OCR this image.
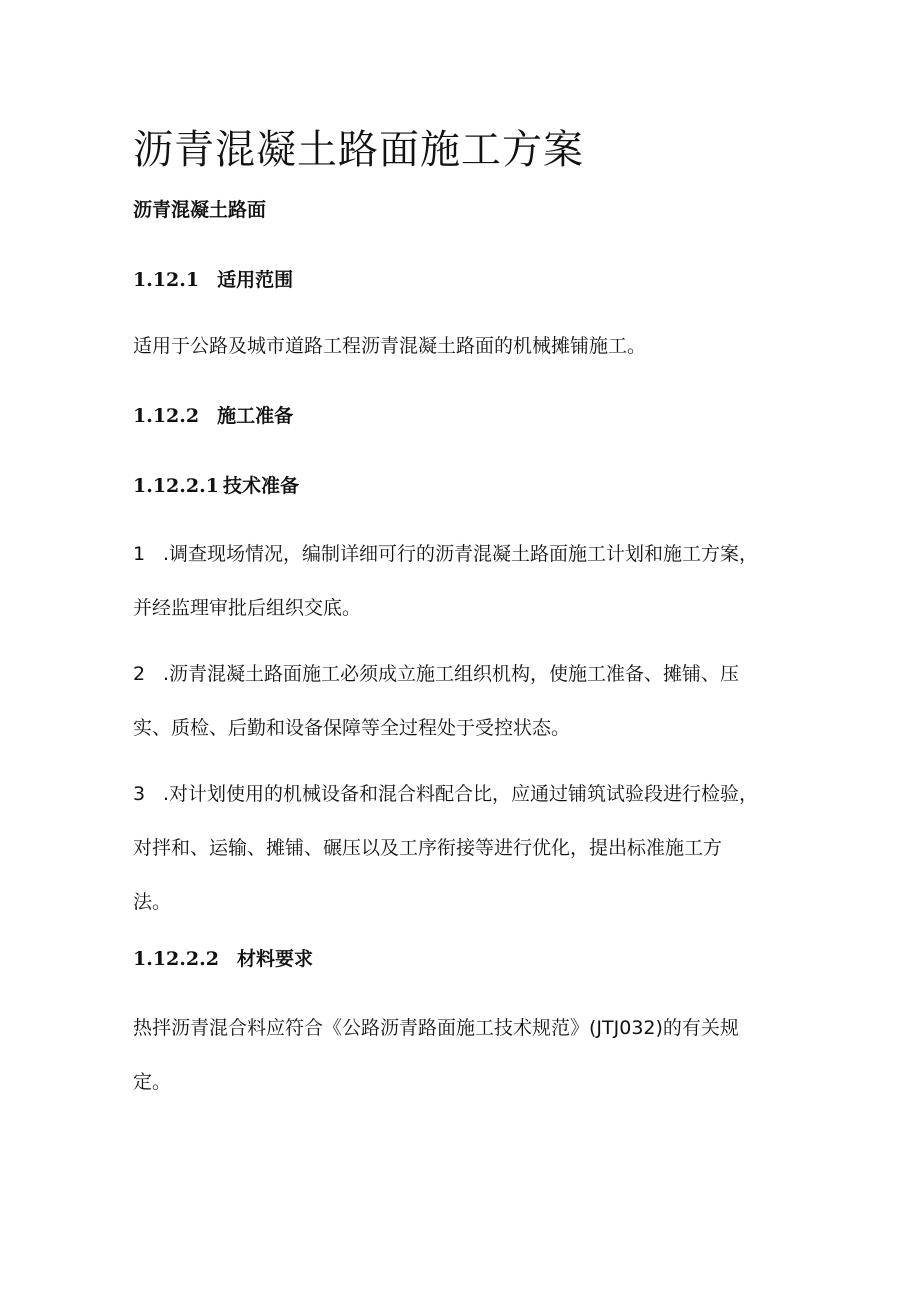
沥青混凝土路面施工方案
沥青混凝土路面
1.12.1 适用范围

适用于公路及城市道路工程沥青混凝土路面的机械摊铺施工。

1.12.2 施工准备
1.12.2.1 技术准备
1 .调查现场情况，编制详细可行的沥青混凝土路面施工计划和施工方案，
并经监理审批后组织交底。
2 .沥青混凝土路面施工必须成立施工组织机构，使施工准备、摊铺、压
实、质检、后勤和设备保障等全过程处于受控状态。
3 .对计划使用的机械设备和混合料配合比，应通过铺筑试验段进行检验，
对拌和、运输、摊铺、碾压以及工序衔接等进行优化，提出标准施工方
法。
1.12.2.2 材料要求
热拌沥青混合料应符合《公路沥青路面施工技术规范》(JTJ032)的有关规
定。
